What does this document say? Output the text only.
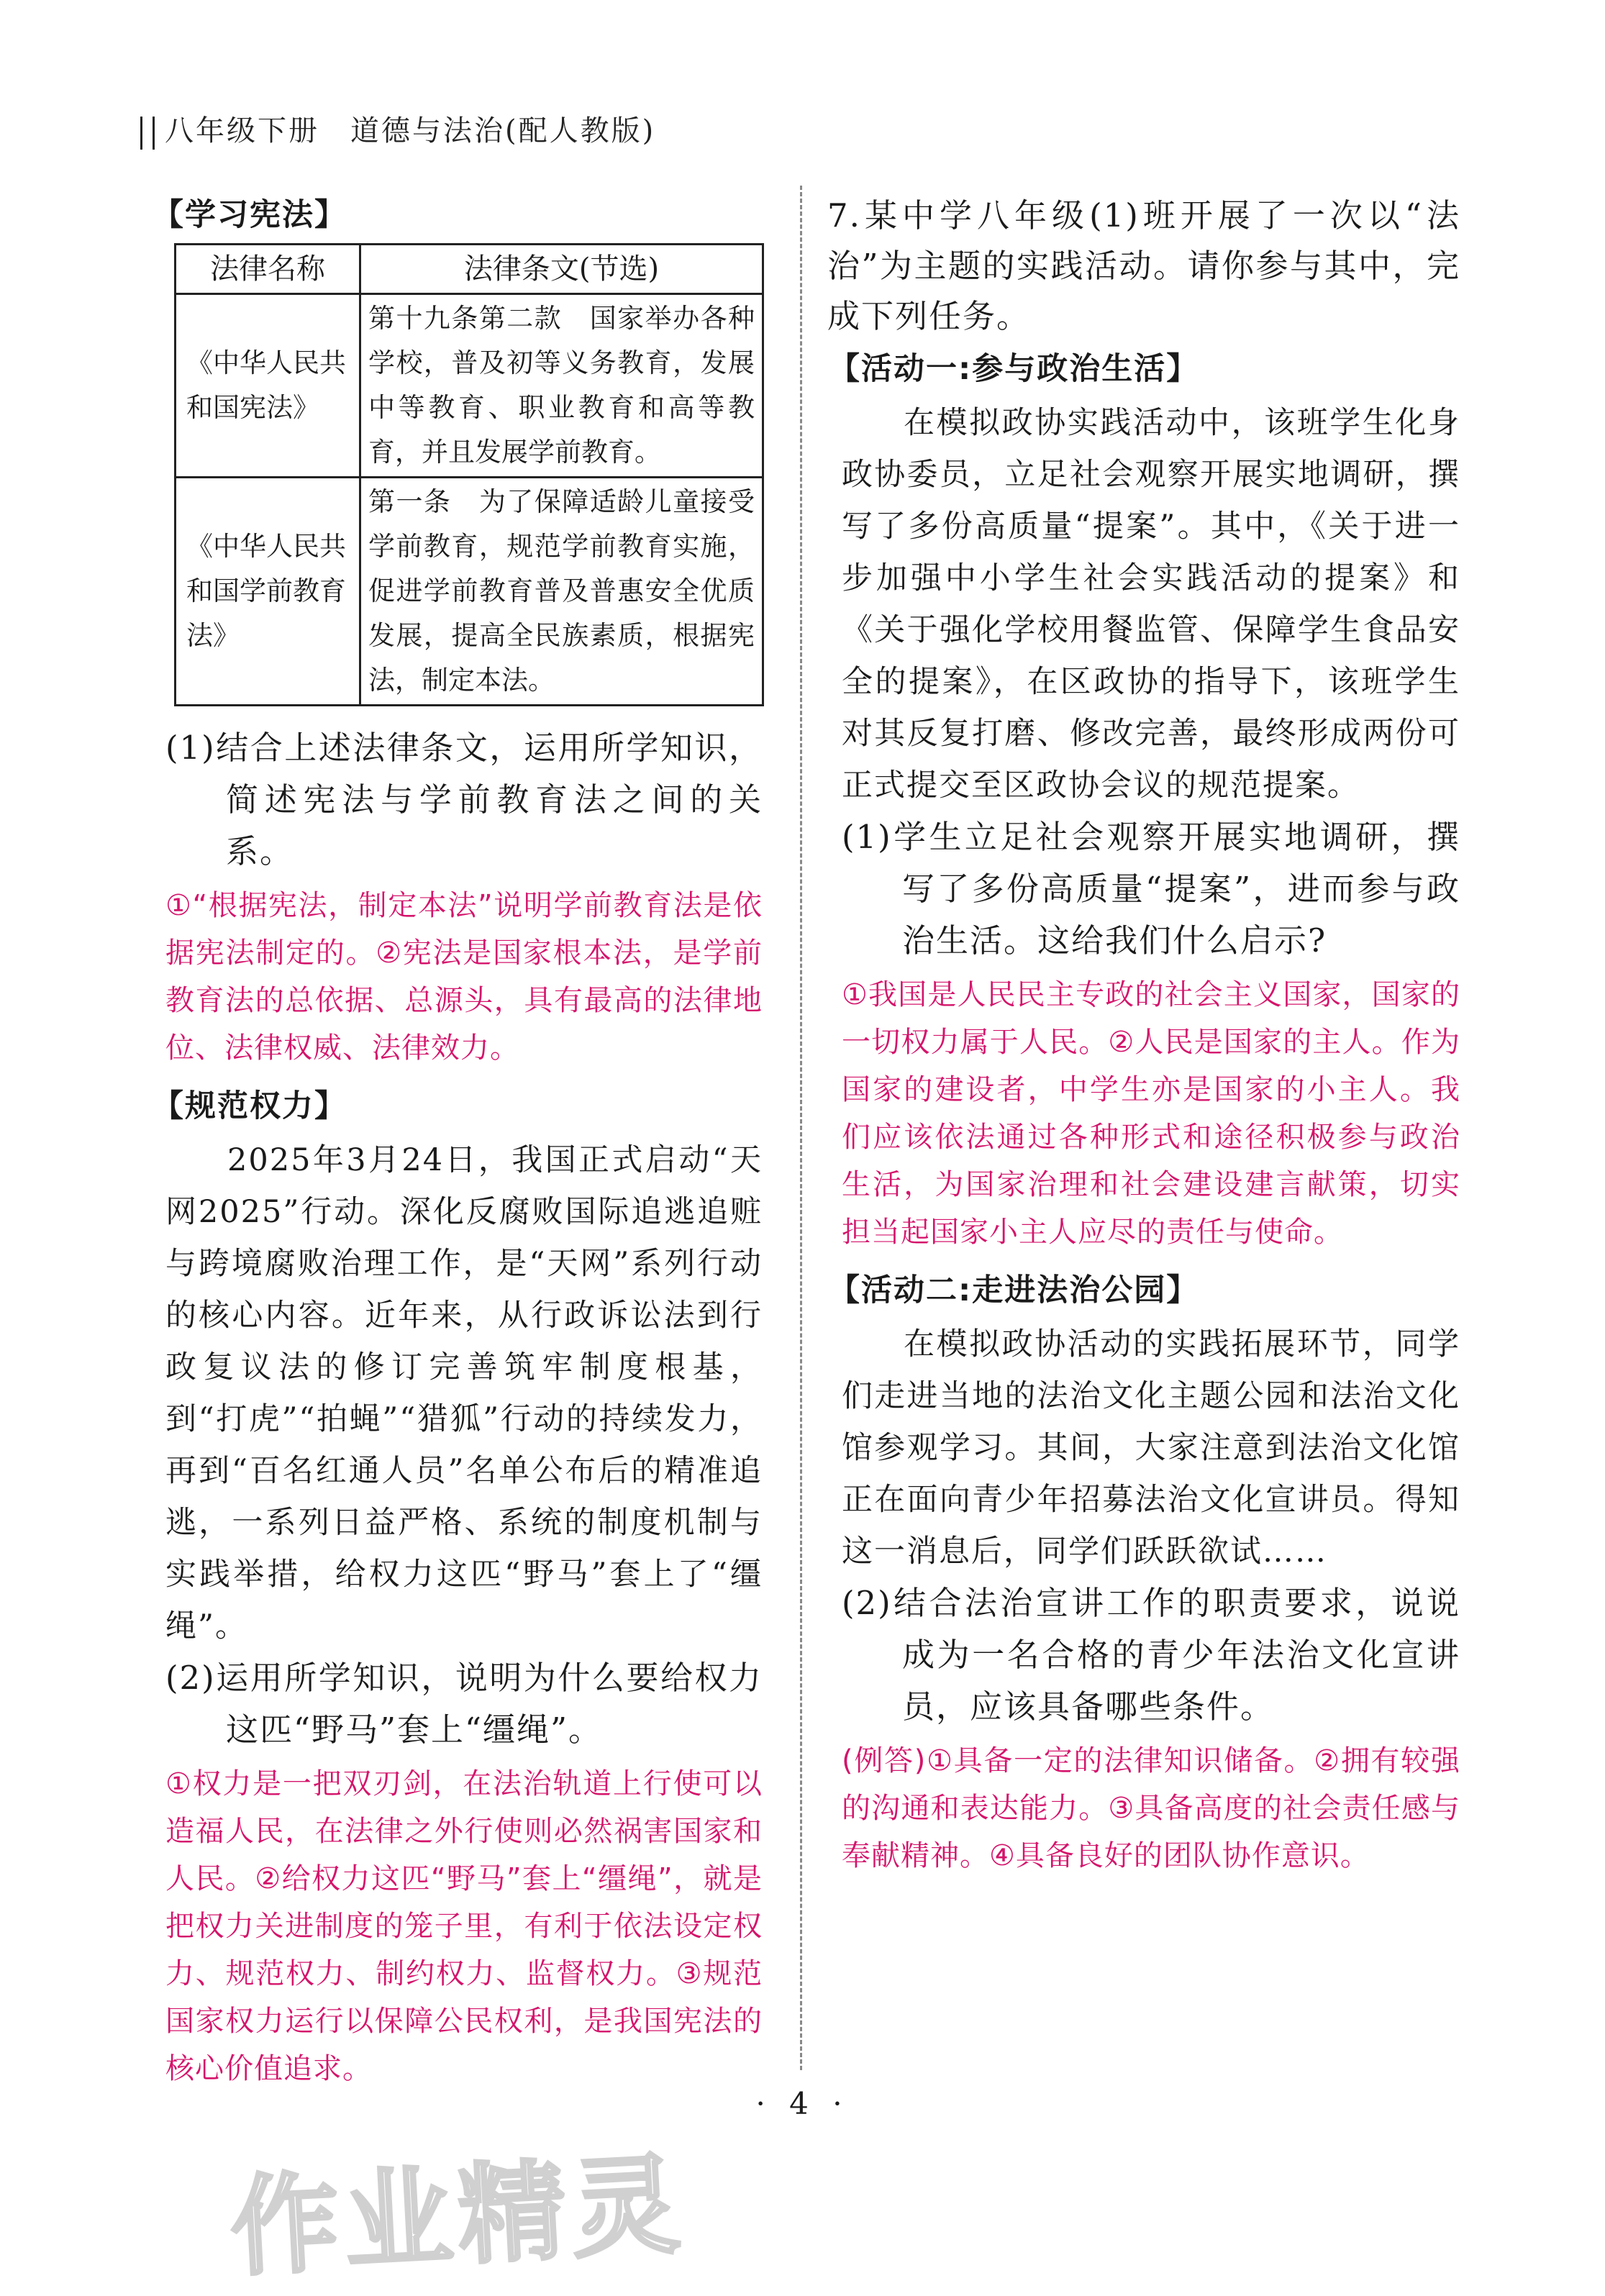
八年级下册　道德与法治(配人教版)
【学习宪法】
法律名称	法律条文(节选)
《中华人民共和国宪法》	第十九条第二款　国家举办各种学校，普及初等义务教育，发展中等教育、职业教育和高等教育，并且发展学前教育。
《中华人民共和国学前教育法》	第一条　为了保障适龄儿童接受学前教育，规范学前教育实施，促进学前教育普及普惠安全优质发展，提高全民族素质，根据宪法，制定本法。

(1)结合上述法律条文，运用所学知识，简述宪法与学前教育法之间的关系。

①“根据宪法，制定本法”说明学前教育法是依据宪法制定的。②宪法是国家根本法，是学前教育法的总依据、总源头，具有最高的法律地位、法律权威、法律效力。

【规范权力】

2025年3月24日，我国正式启动“天网2025”行动。深化反腐败国际追逃追赃与跨境腐败治理工作，是“天网”系列行动的核心内容。近年来，从行政诉讼法到行政复议法的修订完善筑牢制度根基，到“打虎”“拍蝇”“猎狐”行动的持续发力，再到“百名红通人员”名单公布后的精准追逃，一系列日益严格、系统的制度机制与实践举措，给权力这匹“野马”套上了“缰绳”。

(2)运用所学知识，说明为什么要给权力这匹“野马”套上“缰绳”。

①权力是一把双刃剑，在法治轨道上行使可以造福人民，在法律之外行使则必然祸害国家和人民。②给权力这匹“野马”套上“缰绳”，就是把权力关进制度的笼子里，有利于依法设定权力、规范权力、制约权力、监督权力。③规范国家权力运行以保障公民权利，是我国宪法的核心价值追求。

7.某中学八年级(1)班开展了一次以“法治”为主题的实践活动。请你参与其中，完成下列任务。

【活动一:参与政治生活】

在模拟政协实践活动中，该班学生化身政协委员，立足社会观察开展实地调研，撰写了多份高质量“提案”。其中，《关于进一步加强中小学生社会实践活动的提案》和《关于强化学校用餐监管、保障学生食品安全的提案》，在区政协的指导下，该班学生对其反复打磨、修改完善，最终形成两份可正式提交至区政协会议的规范提案。

(1)学生立足社会观察开展实地调研，撰写了多份高质量“提案”，进而参与政治生活。这给我们什么启示?

①我国是人民民主专政的社会主义国家，国家的一切权力属于人民。②人民是国家的主人。作为国家的建设者，中学生亦是国家的小主人。我们应该依法通过各种形式和途径积极参与政治生活，为国家治理和社会建设建言献策，切实担当起国家小主人应尽的责任与使命。

【活动二:走进法治公园】

在模拟政协活动的实践拓展环节，同学们走进当地的法治文化主题公园和法治文化馆参观学习。其间，大家注意到法治文化馆正在面向青少年招募法治文化宣讲员。得知这一消息后，同学们跃跃欲试……

(2)结合法治宣讲工作的职责要求，说说成为一名合格的青少年法治文化宣讲员，应该具备哪些条件。

(例答)①具备一定的法律知识储备。②拥有较强的沟通和表达能力。③具备高度的社会责任感与奉献精神。④具备良好的团队协作意识。

· 4 ·
作业精灵
